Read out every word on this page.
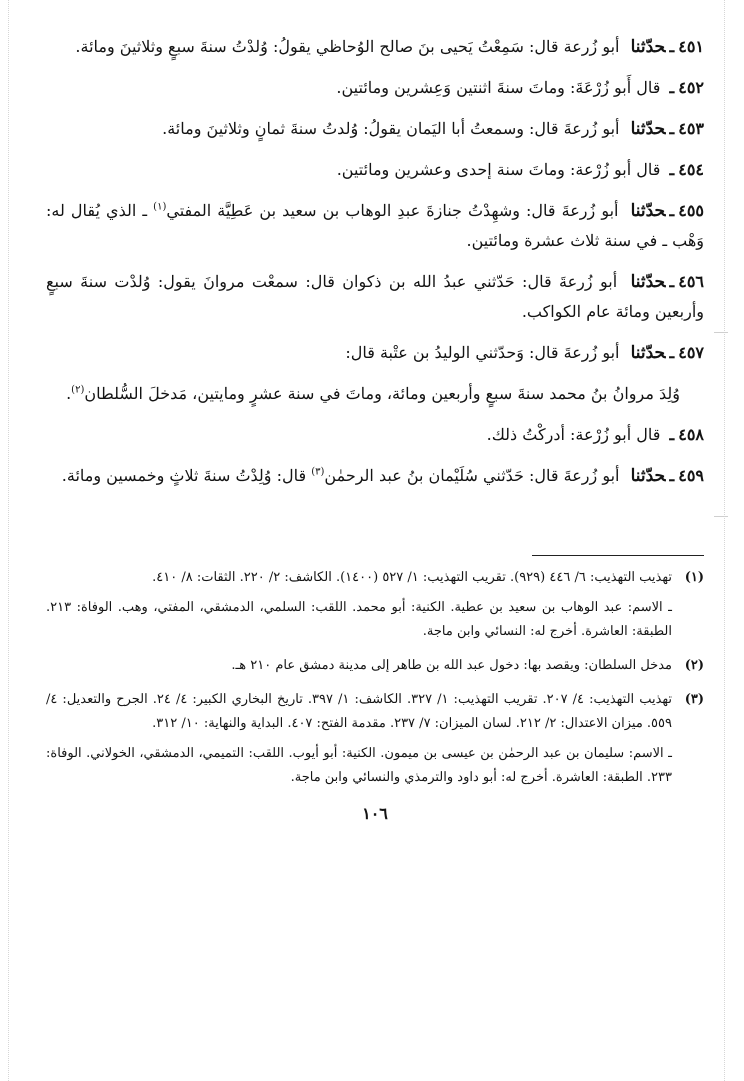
٤٥١ـحدّثنا أبو زُرعة قال: سَمِعْتُ يَحيى بنَ صالح الوُحاظي يقولُ: وُلدْتُ سنةَ سبعٍ وثلاثينَ ومائة.

٤٥٢ـ قال أَبو زُرْعَةَ: وماتَ سنةَ اثنتين وَعِشرين ومائتين.

٤٥٣ـحدّثنا أبو زُرعةَ قال: وسمعتُ أبا اليَمان يقولُ: وُلدتُ سنةَ ثمانٍ وثلاثينَ ومائة.

٤٥٤ـ قال أبو زُرْعة: وماتَ سنة إحدى وعشرين ومائتين.

٤٥٥ـحدّثنا أبو زُرعةَ قال: وشهِدْتُ جنازةَ عبدِ الوهاب بن سعيد بن عَطِيَّة المفتي$^{(١)}$ ـ الذي يُقال له: وَهْب ـ في سنة ثلاث عشرة ومائتين.

٤٥٦ـحدّثنا أبو زُرعةَ قال: حَدّثني عبدُ الله بن ذكوان قال: سمعْت مروانَ يقول: وُلدْت سنةَ سبعٍ وأربعين ومائة عام الكواكب.

٤٥٧ـحدّثنا أبو زُرعةَ قال: وَحدّثني الوليدُ بن عتْبة قال:

وُلِدَ مروانُ بنُ محمد سنةَ سبعٍ وأربعين ومائة، وماتَ في سنة عشرٍ ومايتين، مَدخلَ السُّلطان$^{(٢)}$.

٤٥٨ـ قال أبو زُرْعة: أدركْتُ ذلك.

٤٥٩ـحدّثنا أبو زُرعةَ قال: حَدّثني سُلَيْمان بنُ عبد الرحمٰن$^{(٣)}$ قال: وُلِدْتُ سنةَ ثلاثٍ وخمسين ومائة.

(١)

تهذيب التهذيب: ٦/ ٤٤٦ (٩٢٩). تقريب التهذيب: ١/ ٥٢٧ (١٤٠٠). الكاشف: ٢/ ٢٢٠. الثقات: ٨/ ٤١٠.

ـ الاسم: عبد الوهاب بن سعيد بن عطية. الكنية: أبو محمد. اللقب: السلمي، الدمشقي، المفتي، وهب. الوفاة: ٢١٣. الطبقة: العاشرة. أخرج له: النسائي وابن ماجة.

(٢)

مدخل السلطان: ويقصد بها: دخول عبد الله بن طاهر إلى مدينة دمشق عام ٢١٠ هـ.

(٣)

تهذيب التهذيب: ٤/ ٢٠٧. تقريب التهذيب: ١/ ٣٢٧. الكاشف: ١/ ٣٩٧. تاريخ البخاري الكبير: ٤/ ٢٤. الجرح والتعديل: ٤/ ٥٥٩. ميزان الاعتدال: ٢/ ٢١٢. لسان الميزان: ٧/ ٢٣٧. مقدمة الفتح: ٤٠٧. البداية والنهاية: ١٠/ ٣١٢.

ـ الاسم: سليمان بن عبد الرحمٰن بن عيسى بن ميمون. الكنية: أبو أيوب. اللقب: التميمي، الدمشقي، الخولاني. الوفاة: ٢٣٣. الطبقة: العاشرة. أخرج له: أبو داود والترمذي والنسائي وابن ماجة.

١٠٦
